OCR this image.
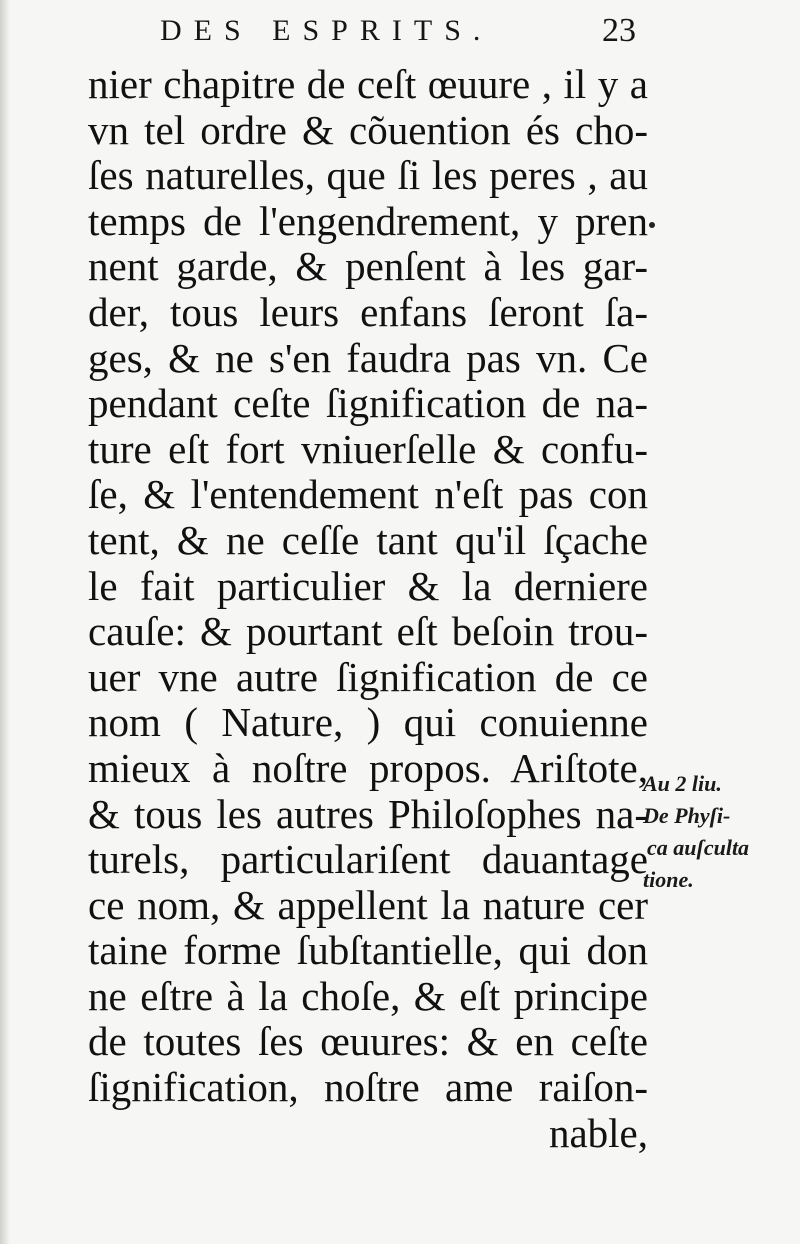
DES ESPRITS.	23
nier chapitre de ceſt œuure , il y a
vn tel ordre & cõuention és cho-
ſes naturelles, que ſi les peres , au
temps de l'engendrement, y pren
nent garde, & penſent à les gar-
der, tous leurs enfans ſeront ſa-
ges, & ne s'en faudra pas vn. Ce
pendant ceſte ſignification de na-
ture eſt fort vniuerſelle & confu-
ſe, & l'entendement n'eſt pas con
tent, & ne ceſſe tant qu'il ſçache
le fait particulier & la derniere
cauſe: & pourtant eſt beſoin trou-
uer vne autre ſignification de ce
nom ( Nature, ) qui conuienne
mieux à noſtre propos. Ariſtote,
& tous les autres Philoſophes na-
turels, particulariſent dauantage
ce nom, & appellent la nature cer
taine forme ſubſtantielle, qui don
ne eſtre à la choſe, & eſt principe
de toutes ſes œuures: & en ceſte
ſignification, noſtre ame raiſon-
nable,
Au 2 liu.
De Phyſi-
ca auſculta
tione.
